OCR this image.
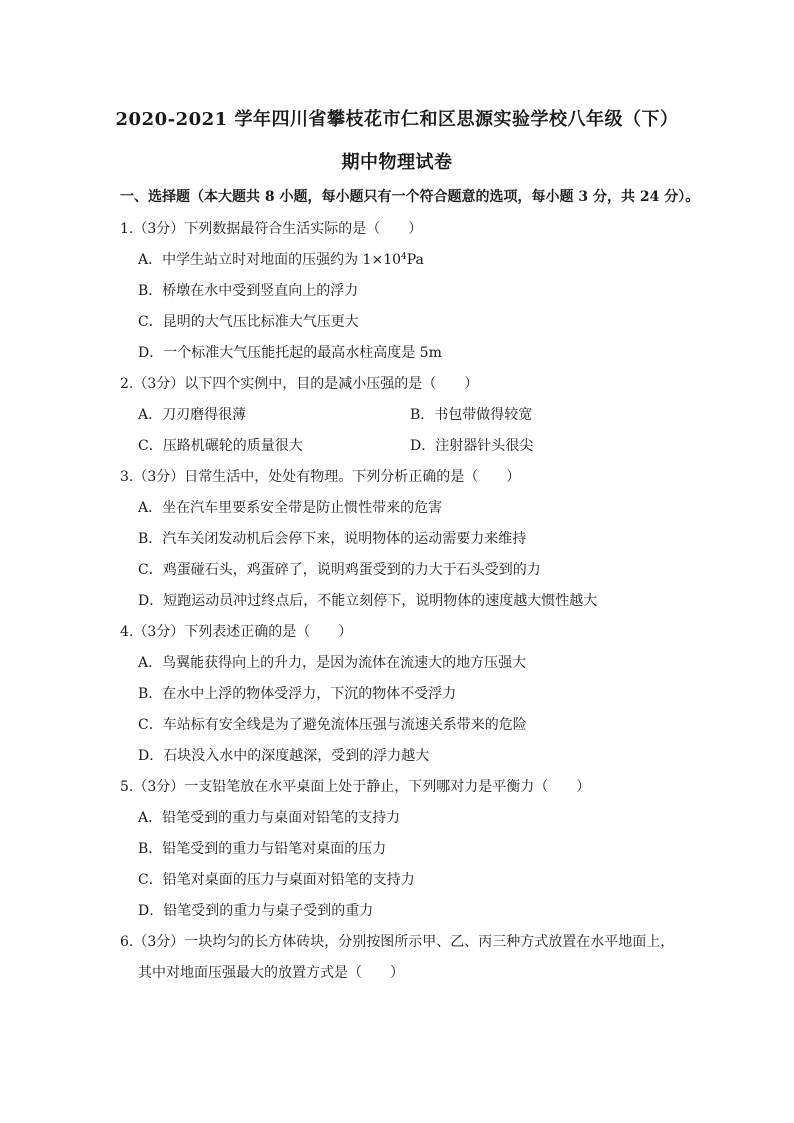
2020-2021 学年四川省攀枝花市仁和区思源实验学校八年级（下）
期中物理试卷
一、选择题（本大题共 8 小题，每小题只有一个符合题意的选项，每小题 3 分，共 24 分）。
1.（3分）下列数据最符合生活实际的是（　　）
A．中学生站立时对地面的压强约为 $1\times 10^4Pa$
B．桥墩在水中受到竖直向上的浮力
C．昆明的大气压比标准大气压更大
D．一个标准大气压能托起的最高水柱高度是 5m
2.（3分）以下四个实例中，目的是减小压强的是（　　）
A．刀刃磨得很薄	B．书包带做得较宽
C．压路机碾轮的质量很大	D．注射器针头很尖
3.（3分）日常生活中，处处有物理。下列分析正确的是（　　）
A．坐在汽车里要系安全带是防止惯性带来的危害
B．汽车关闭发动机后会停下来，说明物体的运动需要力来维持
C．鸡蛋碰石头，鸡蛋碎了，说明鸡蛋受到的力大于石头受到的力
D．短跑运动员冲过终点后，不能立刻停下，说明物体的速度越大惯性越大
4.（3分）下列表述正确的是（　　）
A．鸟翼能获得向上的升力，是因为流体在流速大的地方压强大
B．在水中上浮的物体受浮力，下沉的物体不受浮力
C．车站标有安全线是为了避免流体压强与流速关系带来的危险
D．石块没入水中的深度越深，受到的浮力越大
5.（3分）一支铅笔放在水平桌面上处于静止，下列哪对力是平衡力（　　）
A．铅笔受到的重力与桌面对铅笔的支持力
B．铅笔受到的重力与铅笔对桌面的压力
C．铅笔对桌面的压力与桌面对铅笔的支持力
D．铅笔受到的重力与桌子受到的重力
6.（3分）一块均匀的长方体砖块，分别按图所示甲、乙、丙三种方式放置在水平地面上，
其中对地面压强最大的放置方式是（　　）
